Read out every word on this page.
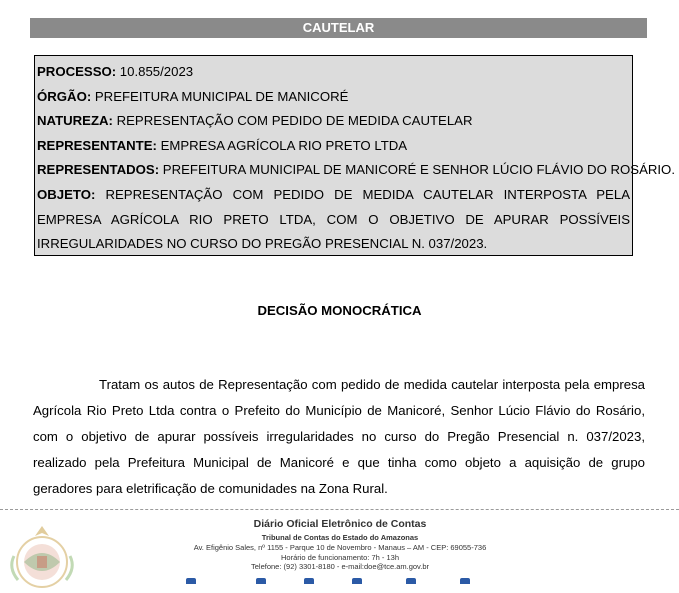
CAUTELAR
PROCESSO: 10.855/2023
ÓRGÃO: PREFEITURA MUNICIPAL DE MANICORÉ
NATUREZA: REPRESENTAÇÃO COM PEDIDO DE MEDIDA CAUTELAR
REPRESENTANTE: EMPRESA AGRÍCOLA RIO PRETO LTDA
REPRESENTADOS: PREFEITURA MUNICIPAL DE MANICORÉ E SENHOR LÚCIO FLÁVIO DO ROSÁRIO.
OBJETO: REPRESENTAÇÃO COM PEDIDO DE MEDIDA CAUTELAR INTERPOSTA PELA EMPRESA AGRÍCOLA RIO PRETO LTDA, COM O OBJETIVO DE APURAR POSSÍVEIS IRREGULARIDADES NO CURSO DO PREGÃO PRESENCIAL N. 037/2023.
DECISÃO MONOCRÁTICA
Tratam os autos de Representação com pedido de medida cautelar interposta pela empresa Agrícola Rio Preto Ltda contra o Prefeito do Município de Manicoré, Senhor Lúcio Flávio do Rosário, com o objetivo de apurar possíveis irregularidades no curso do Pregão Presencial n. 037/2023, realizado pela Prefeitura Municipal de Manicoré e que tinha como objeto a aquisição de grupo geradores para eletrificação de comunidades na Zona Rural.
Diário Oficial Eletrônico de Contas
Tribunal de Contas do Estado do Amazonas
Av. Efigênio Sales, nº 1155 - Parque 10 de Novembro - Manaus – AM - CEP: 69055-736
Horário de funcionamento: 7h - 13h
Telefone: (92) 3301-8180 - e-mail:doe@tce.am.gov.br
